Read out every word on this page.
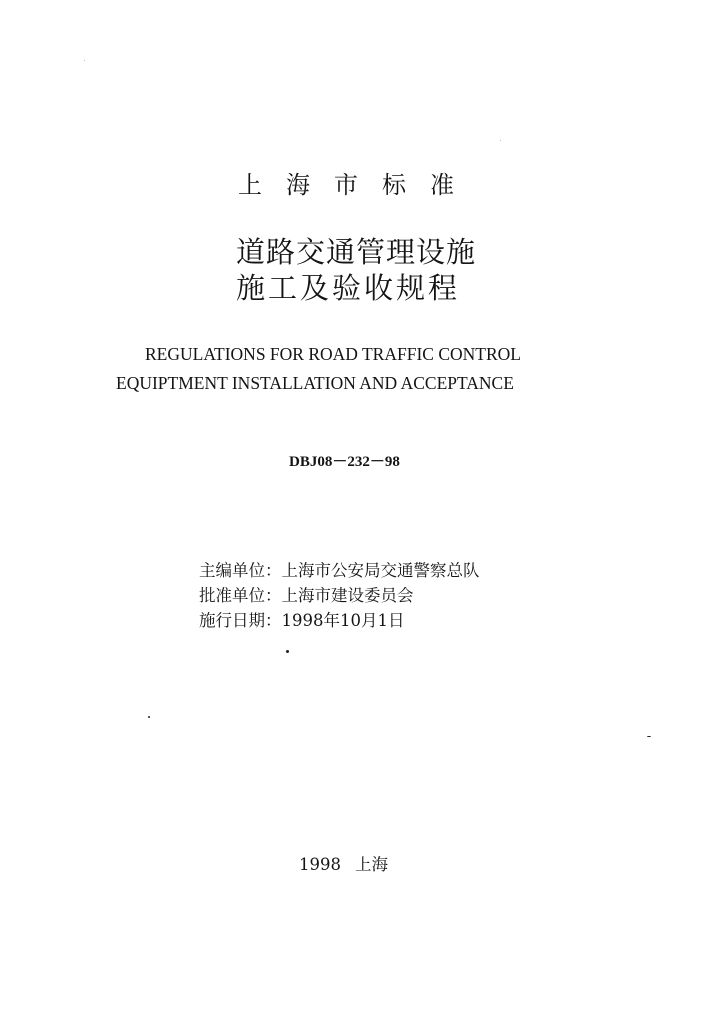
上海市标准
道路交通管理设施
施工及验收规程
REGULATIONS FOR ROAD TRAFFIC CONTROL
EQUIPTMENT INSTALLATION AND ACCEPTANCE
DBJ08－232－98
主编单位：上海市公安局交通警察总队
批准单位：上海市建设委员会
施行日期：1998年10月1日
1998 上海
